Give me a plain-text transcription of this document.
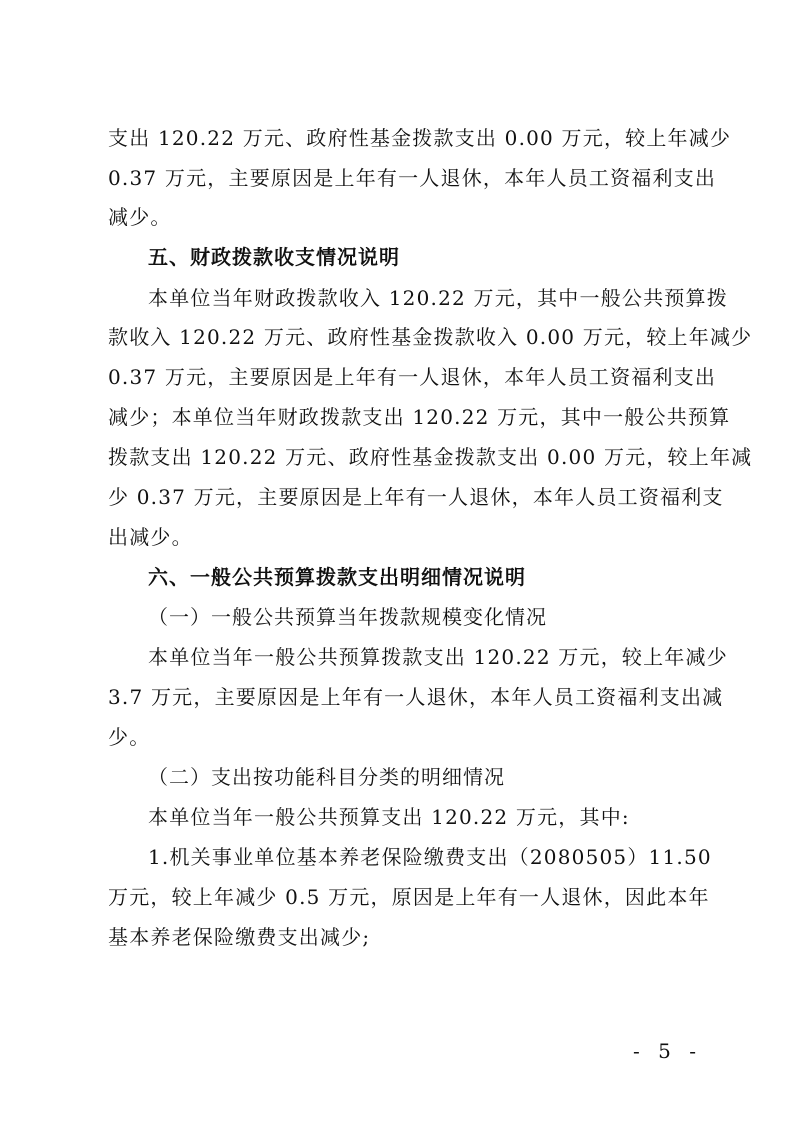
支出 120.22 万元、政府性基金拨款支出 0.00 万元，较上年减少
0.37 万元，主要原因是上年有一人退休，本年人员工资福利支出
减少。
五、财政拨款收支情况说明
本单位当年财政拨款收入 120.22 万元，其中一般公共预算拨
款收入 120.22 万元、政府性基金拨款收入 0.00 万元，较上年减少
0.37 万元，主要原因是上年有一人退休，本年人员工资福利支出
减少；本单位当年财政拨款支出 120.22 万元，其中一般公共预算
拨款支出 120.22 万元、政府性基金拨款支出 0.00 万元，较上年减
少 0.37 万元，主要原因是上年有一人退休，本年人员工资福利支
出减少。
六、一般公共预算拨款支出明细情况说明
（一）一般公共预算当年拨款规模变化情况
本单位当年一般公共预算拨款支出 120.22 万元，较上年减少
3.7 万元，主要原因是上年有一人退休，本年人员工资福利支出减
少。
（二）支出按功能科目分类的明细情况
本单位当年一般公共预算支出 120.22 万元，其中:
1.机关事业单位基本养老保险缴费支出（2080505）11.50
万元，较上年减少 0.5 万元，原因是上年有一人退休，因此本年
基本养老保险缴费支出减少;
- 5 -
